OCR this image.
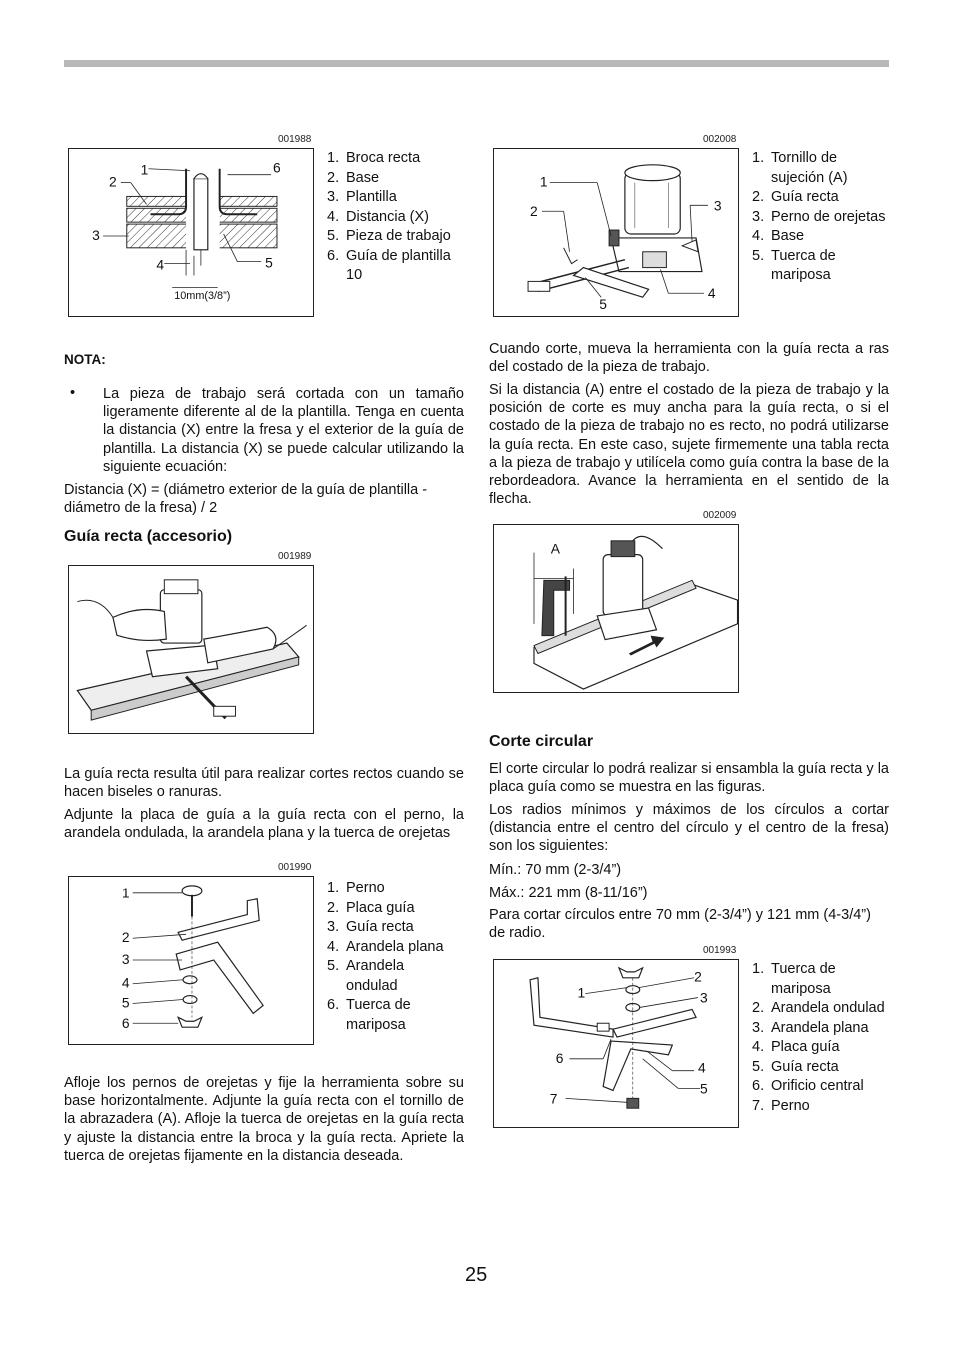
001988
1
2
3
4	5
6
10mm(3/8”)
1. Broca recta
2. Base
3. Plantilla
4. Distancia (X)
5. Pieza de trabajo
6. Guía de plantilla 10
002008
1
2	3
4
5
1. Tornillo de sujeción (A)
2. Guía recta
3. Perno de orejetas
4. Base
5. Tuerca de mariposa
NOTA:
• La pieza de trabajo será cortada con un tamaño ligeramente diferente al de la plantilla. Tenga en cuenta la distancia (X) entre la fresa y el exterior de la guía de plantilla. La distancia (X) se puede calcular utilizando la siguiente ecuación:

Distancia (X) = (diámetro exterior de la guía de plantilla - diámetro de la fresa) / 2

Guía recta (accesorio)
001989

La guía recta resulta útil para realizar cortes rectos cuando se hacen biseles o ranuras.

Adjunte la placa de guía a la guía recta con el perno, la arandela ondulada, la arandela plana y la tuerca de orejetas

001990
1
2
3
4
5
6
1. Perno
2. Placa guía
3. Guía recta
4. Arandela plana
5. Arandela ondulad
6. Tuerca de mariposa

Afloje los pernos de orejetas y fije la herramienta sobre su base horizontalmente. Adjunte la guía recta con el tornillo de la abrazadera (A). Afloje la tuerca de orejetas en la guía recta y ajuste la distancia entre la broca y la guía recta. Apriete la tuerca de orejetas fijamente en la distancia deseada.

Cuando corte, mueva la herramienta con la guía recta a ras del costado de la pieza de trabajo.

Si la distancia (A) entre el costado de la pieza de trabajo y la posición de corte es muy ancha para la guía recta, o si el costado de la pieza de trabajo no es recto, no podrá utilizarse la guía recta. En este caso, sujete firmemente una tabla recta a la pieza de trabajo y utilícela como guía contra la base de la rebordeadora. Avance la herramienta en el sentido de la flecha.

002009
A
Corte circular

El corte circular lo podrá realizar si ensambla la guía recta y la placa guía como se muestra en las figuras.

Los radios mínimos y máximos de los círculos a cortar (distancia entre el centro del círculo y el centro de la fresa) son los siguientes:

Mín.: 70 mm (2-3/4”)

Máx.: 221 mm (8-11/16”)

Para cortar círculos entre 70 mm (2-3/4”) y 121 mm (4-3/4”) de radio.

001993
1
2
3
4
5
6
7
1. Tuerca de mariposa
2. Arandela ondulad
3. Arandela plana
4. Placa guía
5. Guía recta
6. Orificio central
7. Perno
25
